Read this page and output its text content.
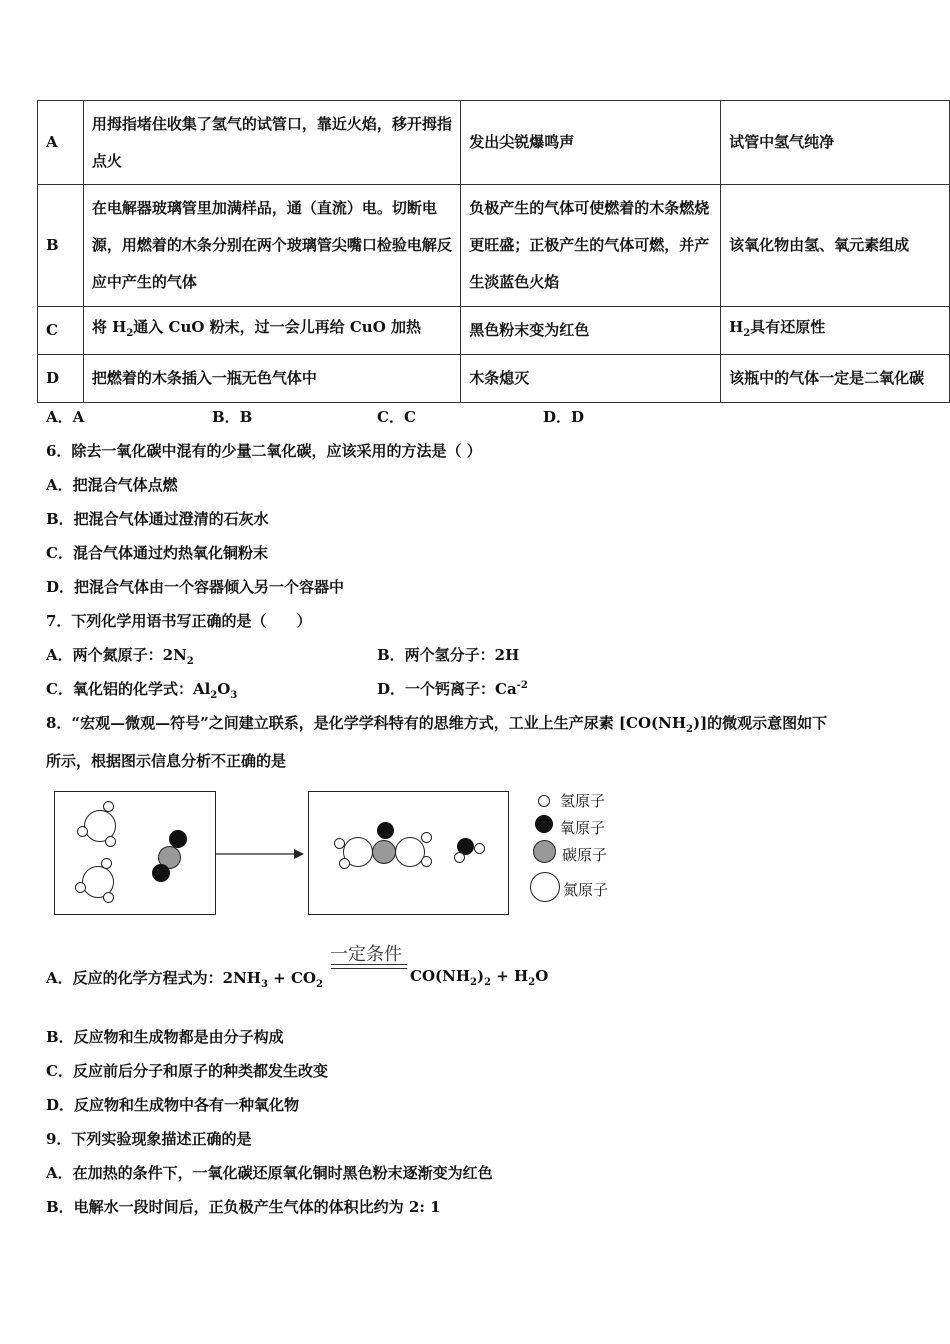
A	用拇指堵住收集了氢气的试管口，靠近火焰，移开拇指点火	发出尖锐爆鸣声	试管中氢气纯净
B	在电解器玻璃管里加满样品，通（直流）电。切断电源，用燃着的木条分别在两个玻璃管尖嘴口检验电解反应中产生的气体	负极产生的气体可使燃着的木条燃烧更旺盛；正极产生的气体可燃，并产生淡蓝色火焰	该氧化物由氢、氧元素组成
C	将 $H_2$通入 CuO 粉末，过一会儿再给 CuO 加热	黑色粉末变为红色	$H_2$具有还原性
D	把燃着的木条插入一瓶无色气体中	木条熄灭	该瓶中的气体一定是二氧化碳
A．A	B．B	C．C	D．D
6．除去一氧化碳中混有的少量二氧化碳，应该采用的方法是（ ）
A．把混合气体点燃
B．把混合气体通过澄清的石灰水
C．混合气体通过灼热氧化铜粉末
D．把混合气体由一个容器倾入另一个容器中
7．下列化学用语书写正确的是（　　）
A．两个氮原子：$2N_2$	B．两个氢分子：2H
C．氧化铝的化学式：$Al_2O_3$	D．一个钙离子：$Ca^{-2}$
8．“宏观—微观—符号”之间建立联系，是化学学科特有的思维方式，工业上生产尿素 $[CO(NH_2)]$的微观示意图如下
所示，根据图示信息分析不正确的是
氢原子
氧原子
碳原子
氮原子
A．反应的化学方程式为：$2NH_3 + CO_2$
一定条件
$CO(NH_2)_2 + H_2O$
B．反应物和生成物都是由分子构成
C．反应前后分子和原子的种类都发生改变
D．反应物和生成物中各有一种氧化物
9．下列实验现象描述正确的是
A．在加热的条件下，一氧化碳还原氧化铜时黑色粉末逐渐变为红色
B．电解水一段时间后，正负极产生气体的体积比约为 2: 1
